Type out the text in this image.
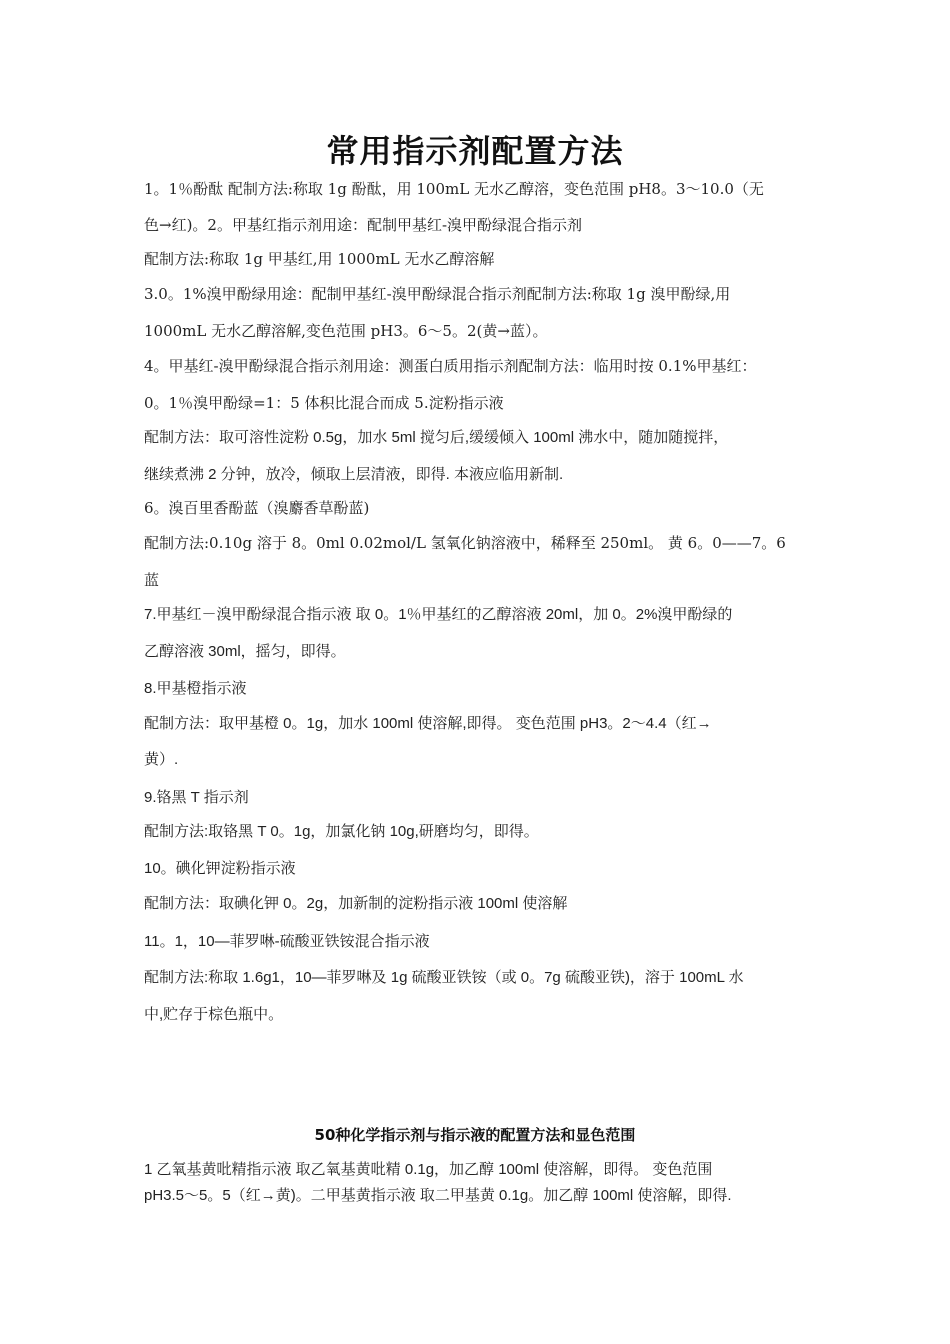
常用指示剂配置方法
1。1％酚酞 配制方法:称取 1g 酚酞，用 100mL 无水乙醇溶，变色范围 pH8。3～10.0（无
色→红)。2。甲基红指示剂用途：配制甲基红-溴甲酚绿混合指示剂
配制方法:称取 1g 甲基红,用 1000mL 无水乙醇溶解
3.0。1%溴甲酚绿用途：配制甲基红-溴甲酚绿混合指示剂配制方法:称取 1g 溴甲酚绿,用
1000mL 无水乙醇溶解,变色范围 pH3。6～5。2(黄→蓝）。
4。甲基红-溴甲酚绿混合指示剂用途：测蛋白质用指示剂配制方法：临用时按 0.1%甲基红：
0。1％溴甲酚绿=1：5 体积比混合而成 5.淀粉指示液
配制方法：取可溶性淀粉 0.5g，加水 5ml 搅匀后,缓缓倾入 100ml 沸水中，随加随搅拌，
继续煮沸 2 分钟，放冷，倾取上层清液，即得. 本液应临用新制.
6。溴百里香酚蓝（溴麝香草酚蓝)
配制方法:0.10g 溶于 8。0ml 0.02mol/L 氢氧化钠溶液中，稀释至 250ml。 黄 6。0——7。6
蓝
7.甲基红－溴甲酚绿混合指示液 取 0。1％甲基红的乙醇溶液 20ml，加 0。2%溴甲酚绿的
乙醇溶液 30ml，摇匀，即得。
8.甲基橙指示液
配制方法：取甲基橙 0。1g，加水 100ml 使溶解,即得。 变色范围 pH3。2～4.4（红→
黄）.
9.铬黑 T 指示剂
配制方法:取铬黑 T 0。1g，加氯化钠 10g,研磨均匀，即得。
10。碘化钾淀粉指示液
配制方法：取碘化钾 0。2g，加新制的淀粉指示液 100ml 使溶解
11。1，10—菲罗啉-硫酸亚铁铵混合指示液
配制方法:称取 1.6g1，10—菲罗啉及 1g 硫酸亚铁铵（或 0。7g 硫酸亚铁)，溶于 100mL 水
中,贮存于棕色瓶中。
50种化学指示剂与指示液的配置方法和显色范围
1 乙氧基黄吡精指示液 取乙氧基黄吡精 0.1g，加乙醇 100ml 使溶解，即得。 变色范围
pH3.5～5。5（红→黄)。二甲基黄指示液 取二甲基黄 0.1g。加乙醇 100ml 使溶解，即得.
